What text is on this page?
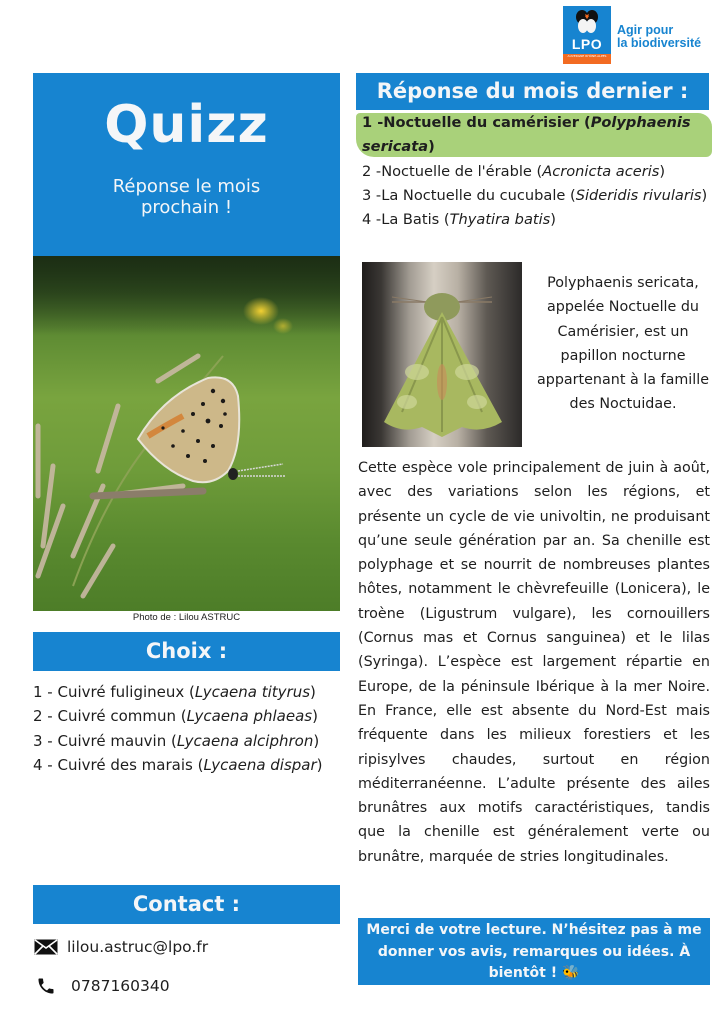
LPO
AUVERGNE RHÔNE-ALPES
Agir pour
la biodiversité
Quizz
Réponse le mois
prochain !
Photo de : Lilou ASTRUC
Choix :
1 - Cuivré fuligineux (Lycaena tityrus)
2 - Cuivré commun (Lycaena phlaeas)
3 - Cuivré mauvin (Lycaena alciphron)
4 - Cuivré des marais (Lycaena dispar)
Contact :
lilou.astruc@lpo.fr
0787160340
Réponse du mois dernier :
1 -Noctuelle du camérisier (Polyphaenis sericata)
2 -Noctuelle de l'érable (Acronicta aceris)
3 -La Noctuelle du cucubale (Sideridis rivularis)
4 -La Batis (Thyatira batis)
Polyphaenis sericata, appelée Noctuelle du Camérisier, est un papillon nocturne appartenant à la famille des Noctuidae.
Cette espèce vole principalement de juin à août, avec des variations selon les régions, et présente un cycle de vie univoltin, ne produisant qu’une seule génération par an. Sa chenille est polyphage et se nourrit de nombreuses plantes hôtes, notamment le chèvrefeuille (Lonicera), le troène (Ligustrum vulgare), les cornouillers (Cornus mas et Cornus sanguinea) et le lilas (Syringa). L’espèce est largement répartie en Europe, de la péninsule Ibérique à la mer Noire. En France, elle est absente du Nord-Est mais fréquente dans les milieux forestiers et les ripisylves chaudes, surtout en région méditerranéenne. L’adulte présente des ailes brunâtres aux motifs caractéristiques, tandis que la chenille est généralement verte ou brunâtre, marquée de stries longitudinales.
Merci de votre lecture. N’hésitez pas à me donner vos avis, remarques ou idées. À bientôt ! 🐝
